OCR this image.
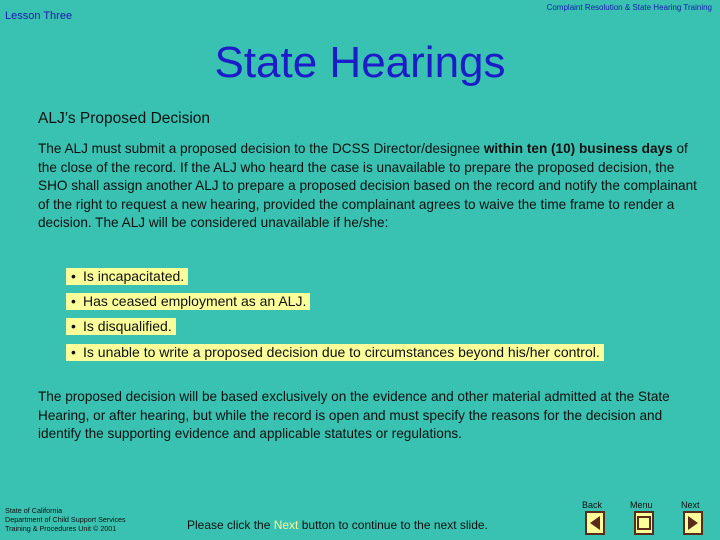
Lesson Three
Complaint Resolution & State Hearing Training
State Hearings
ALJ’s Proposed Decision
The ALJ must submit a proposed decision to the DCSS Director/designee within ten (10) business days of the close of the record. If the ALJ who heard the case is unavailable to prepare the proposed decision, the SHO shall assign another ALJ to prepare a proposed decision based on the record and notify the complainant of the right to request a new hearing, provided the complainant agrees to waive the time frame to render a decision. The ALJ will be considered unavailable if he/she:
• Is incapacitated.
• Has ceased employment as an ALJ.
• Is disqualified.
• Is unable to write a proposed decision due to circumstances beyond his/her control.
The proposed decision will be based exclusively on the evidence and other material admitted at the State Hearing, or after hearing, but while the record is open and must specify the reasons for the decision and identify the supporting evidence and applicable statutes or regulations.
State of California
Department of Child Support Services
Training & Procedures Unit © 2001	Please click the Next button to continue to the next slide.
Back	Menu	Next
